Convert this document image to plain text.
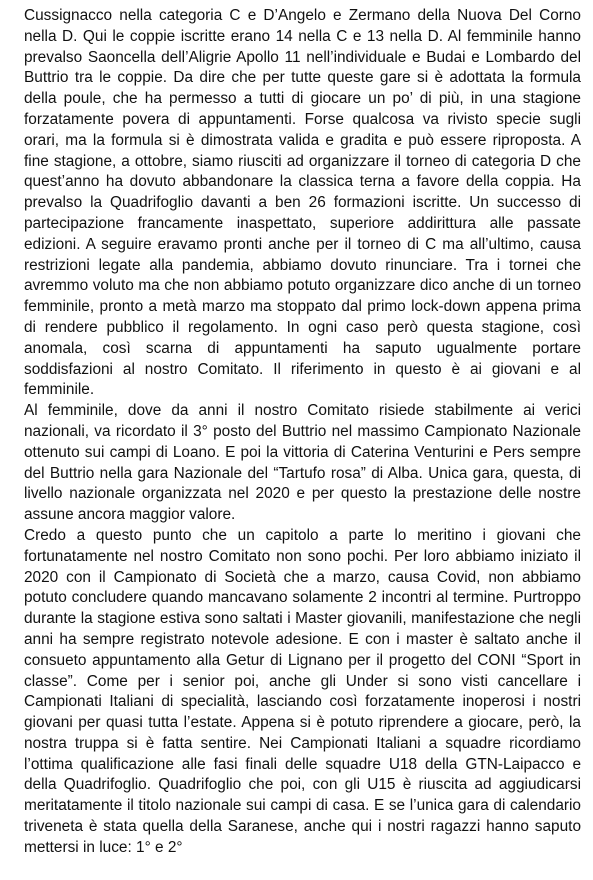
Cussignacco nella categoria C e D’Angelo e Zermano della Nuova Del Corno nella D. Qui le coppie iscritte erano 14 nella C e 13 nella D. Al femminile hanno prevalso Saoncella dell’Aligrie Apollo 11 nell’individuale e Budai e Lombardo del Buttrio tra le coppie. Da dire che per tutte queste gare si è adottata la formula della poule, che ha permesso a tutti di giocare un po’ di più, in una stagione forzatamente povera di appuntamenti. Forse qualcosa va rivisto specie sugli orari, ma la formula si è dimostrata valida e gradita e può essere riproposta. A fine stagione, a ottobre, siamo riusciti ad organizzare il torneo di categoria D che quest’anno ha dovuto abbandonare la classica terna a favore della coppia. Ha prevalso la Quadrifoglio davanti a ben 26 formazioni iscritte. Un successo di partecipazione francamente inaspettato, superiore addirittura alle passate edizioni. A seguire eravamo pronti anche per il torneo di C ma all’ultimo, causa restrizioni legate alla pandemia, abbiamo dovuto rinunciare. Tra i tornei che avremmo voluto ma che non abbiamo potuto organizzare dico anche di un torneo femminile, pronto a metà marzo ma stoppato dal primo lock-down appena prima di rendere pubblico il regolamento. In ogni caso però questa stagione, così anomala, così scarna di appuntamenti ha saputo ugualmente portare soddisfazioni al nostro Comitato. Il riferimento in questo è ai giovani e al femminile.

Al femminile, dove da anni il nostro Comitato risiede stabilmente ai verici nazionali, va ricordato il 3° posto del Buttrio nel massimo Campionato Nazionale ottenuto sui campi di Loano. E poi la vittoria di Caterina Venturini e Pers sempre del Buttrio nella gara Nazionale del “Tartufo rosa” di Alba. Unica gara, questa, di livello nazionale organizzata nel 2020 e per questo la prestazione delle nostre assune ancora maggior valore.

Credo a questo punto che un capitolo a parte lo meritino i giovani che fortunatamente nel nostro Comitato non sono pochi. Per loro abbiamo iniziato il 2020 con il Campionato di Società che a marzo, causa Covid, non abbiamo potuto concludere quando mancavano solamente 2 incontri al termine. Purtroppo durante la stagione estiva sono saltati i Master giovanili, manifestazione che negli anni ha sempre registrato notevole adesione. E con i master è saltato anche il consueto appuntamento alla Getur di Lignano per il progetto del CONI “Sport in classe”. Come per i senior poi, anche gli Under si sono visti cancellare i Campionati Italiani di specialità, lasciando così forzatamente inoperosi i nostri giovani per quasi tutta l’estate. Appena si è potuto riprendere a giocare, però, la nostra truppa si è fatta sentire. Nei Campionati Italiani a squadre ricordiamo l’ottima qualificazione alle fasi finali delle squadre U18 della GTN-Laipacco e della Quadrifoglio. Quadrifoglio che poi, con gli U15 è riuscita ad aggiudicarsi meritatamente il titolo nazionale sui campi di casa. E se l’unica gara di calendario triveneta è stata quella della Saranese, anche qui i nostri ragazzi hanno saputo mettersi in luce: 1° e 2°
